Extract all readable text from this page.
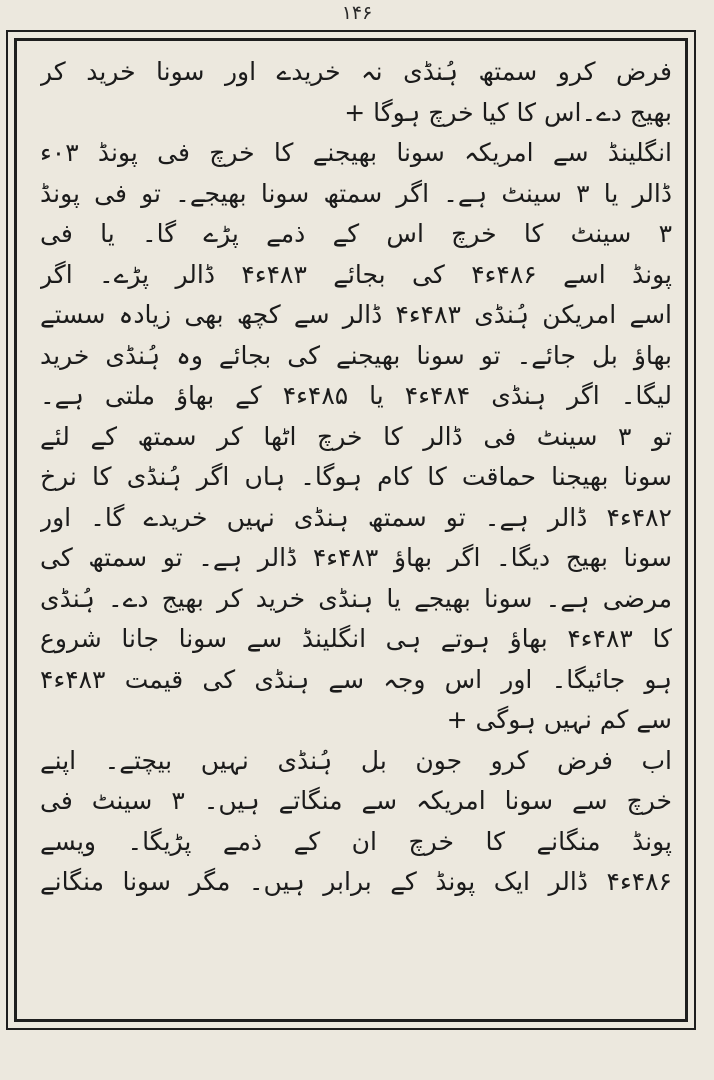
۱۴۶
فرض کرو سمتھ ہُنڈی نہ خریدے اور سونا خرید کر
بھیج دے۔اس کا کیا خرچ ہوگا +
انگلینڈ سے امریکہ سونا بھیجنے کا خرچ فی پونڈ ۰۳ء
ڈالر یا ۳ سینٹ ہے۔ اگر سمتھ سونا بھیجے۔ تو فی پونڈ
۳ سینٹ کا خرچ اس کے ذمے پڑے گا۔ یا فی
پونڈ اسے ۴۸۶ء۴ کی بجائے ۴۸۳ء۴ ڈالر پڑے۔ اگر
اسے امریکن ہُنڈی ۴۸۳ء۴ ڈالر سے کچھ بھی زیادہ سستے
بھاؤ بل جائے۔ تو سونا بھیجنے کی بجائے وہ ہُنڈی خرید
لیگا۔ اگر ہنڈی ۴۸۴ء۴ یا ۴۸۵ء۴ کے بھاؤ ملتی ہے۔
تو ۳ سینٹ فی ڈالر کا خرچ اٹھا کر سمتھ کے لئے
سونا بھیجنا حماقت کا کام ہوگا۔ ہاں اگر ہُنڈی کا نرخ
۴۸۲ء۴ ڈالر ہے۔ تو سمتھ ہنڈی نہیں خریدے گا۔ اور
سونا بھیج دیگا۔ اگر بھاؤ ۴۸۳ء۴ ڈالر ہے۔ تو سمتھ کی
مرضی ہے۔ سونا بھیجے یا ہنڈی خرید کر بھیج دے۔ ہُنڈی
کا ۴۸۳ء۴ بھاؤ ہوتے ہی انگلینڈ سے سونا جانا شروع
ہو جائیگا۔ اور اس وجہ سے ہنڈی کی قیمت ۴۸۳ء۴
سے کم نہیں ہوگی +
اب فرض کرو جون بل ہُنڈی نہیں بیچتے۔ اپنے
خرچ سے سونا امریکہ سے منگاتے ہیں۔ ۳ سینٹ فی
پونڈ منگانے کا خرچ ان کے ذمے پڑیگا۔ ویسے
۴۸۶ء۴ ڈالر ایک پونڈ کے برابر ہیں۔ مگر سونا منگانے
